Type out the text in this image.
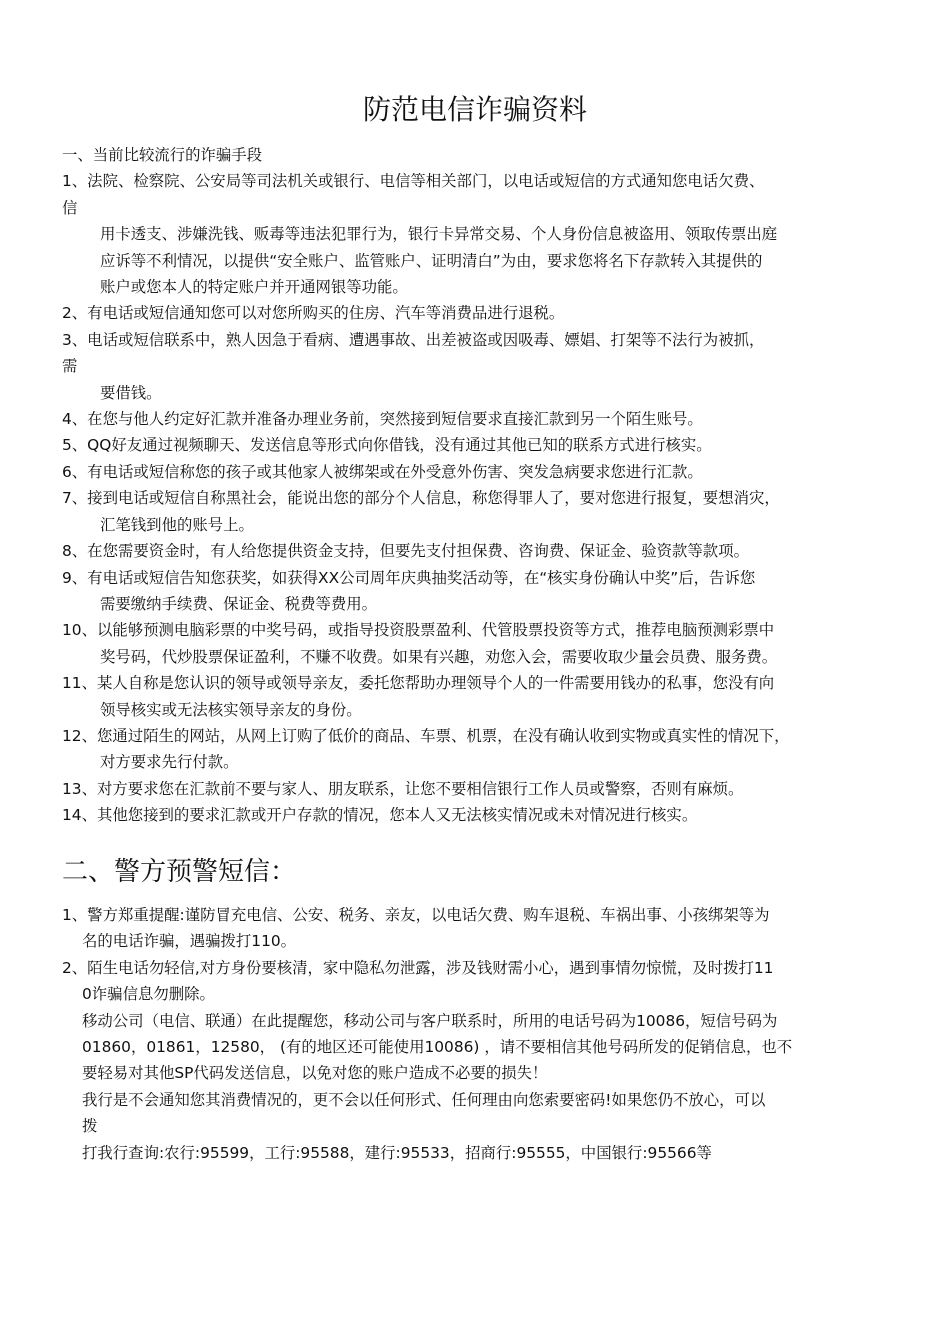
防范电信诈骗资料
一、当前比较流行的诈骗手段
1、法院、检察院、公安局等司法机关或银行、电信等相关部门，以电话或短信的方式通知您电话欠费、
信
用卡透支、涉嫌洗钱、贩毒等违法犯罪行为，银行卡异常交易、个人身份信息被盗用、领取传票出庭
应诉等不利情况，以提供“安全账户、监管账户、证明清白”为由，要求您将名下存款转入其提供的
账户或您本人的特定账户并开通网银等功能。
2、有电话或短信通知您可以对您所购买的住房、汽车等消费品进行退税。
3、电话或短信联系中，熟人因急于看病、遭遇事故、出差被盗或因吸毒、嫖娼、打架等不法行为被抓，
需
要借钱。
4、在您与他人约定好汇款并准备办理业务前，突然接到短信要求直接汇款到另一个陌生账号。
5、QQ好友通过视频聊天、发送信息等形式向你借钱，没有通过其他已知的联系方式进行核实。
6、有电话或短信称您的孩子或其他家人被绑架或在外受意外伤害、突发急病要求您进行汇款。
7、接到电话或短信自称黑社会，能说出您的部分个人信息，称您得罪人了，要对您进行报复，要想消灾，
汇笔钱到他的账号上。
8、在您需要资金时，有人给您提供资金支持，但要先支付担保费、咨询费、保证金、验资款等款项。
9、有电话或短信告知您获奖，如获得XX公司周年庆典抽奖活动等，在“核实身份确认中奖”后，告诉您
需要缴纳手续费、保证金、税费等费用。
10、以能够预测电脑彩票的中奖号码，或指导投资股票盈利、代管股票投资等方式，推荐电脑预测彩票中
奖号码，代炒股票保证盈利，不赚不收费。如果有兴趣，劝您入会，需要收取少量会员费、服务费。
11、某人自称是您认识的领导或领导亲友，委托您帮助办理领导个人的一件需要用钱办的私事，您没有向
领导核实或无法核实领导亲友的身份。
12、您通过陌生的网站，从网上订购了低价的商品、车票、机票，在没有确认收到实物或真实性的情况下，
对方要求先行付款。
13、对方要求您在汇款前不要与家人、朋友联系，让您不要相信银行工作人员或警察，否则有麻烦。
14、其他您接到的要求汇款或开户存款的情况，您本人又无法核实情况或未对情况进行核实。
二、警方预警短信：
1、警方郑重提醒:谨防冒充电信、公安、税务、亲友，以电话欠费、购车退税、车祸出事、小孩绑架等为
名的电话诈骗，遇骗拨打110。
2、陌生电话勿轻信,对方身份要核清，家中隐私勿泄露，涉及钱财需小心，遇到事情勿惊慌，及时拨打11
0诈骗信息勿删除。
移动公司（电信、联通）在此提醒您，移动公司与客户联系时，所用的电话号码为10086，短信号码为
01860，01861，12580， (有的地区还可能使用10086) ，请不要相信其他号码所发的促销信息，也不
要轻易对其他SP代码发送信息，以免对您的账户造成不必要的损失！
我行是不会通知您其消费情况的，更不会以任何形式、任何理由向您索要密码!如果您仍不放心，可以
拨
打我行查询:农行:95599，工行:95588，建行:95533，招商行:95555，中国银行:95566等
